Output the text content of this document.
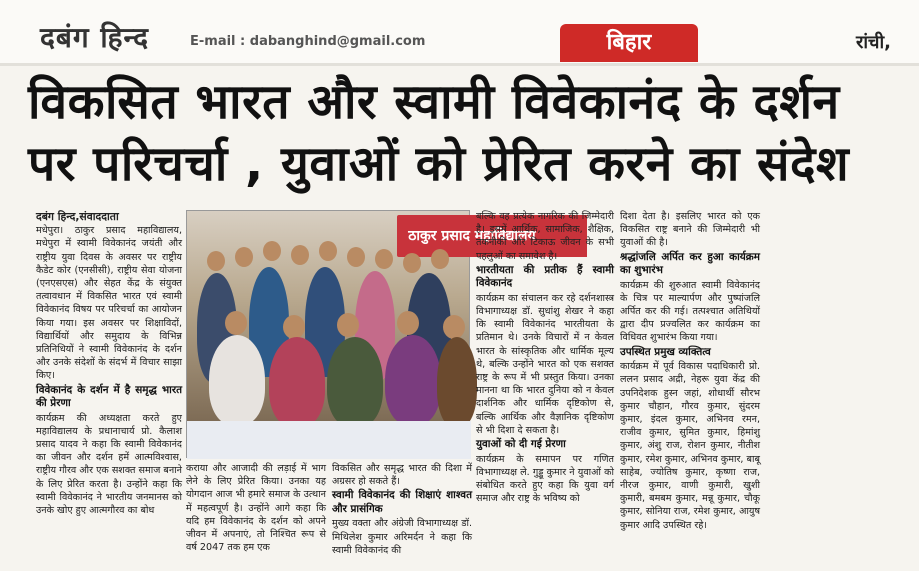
दबंग हिन्द	E-mail : dabanghind@gmail.com	बिहार	रांची,
विकसित भारत और स्वामी विवेकानंद के दर्शन
पर परिचर्चा , युवाओं को प्रेरित करने का संदेश

दबंग हिन्द,संवाददाता

मधेपुरा। ठाकुर प्रसाद महाविद्यालय, मधेपुरा में स्वामी विवेकानंद जयंती और राष्ट्रीय युवा दिवस के अवसर पर राष्ट्रीय कैडेट कोर (एनसीसी), राष्ट्रीय सेवा योजना (एनएसएस) और सेहत केंद्र के संयुक्त तत्वावधान में विकसित भारत एवं स्वामी विवेकानंद विषय पर परिचर्चा का आयोजन किया गया। इस अवसर पर शिक्षाविदों, विद्यार्थियों और समुदाय के विभिन्न प्रतिनिधियों ने स्वामी विवेकानंद के दर्शन और उनके संदेशों के संदर्भ में विचार साझा किए।

विवेकानंद के दर्शन में है समृद्ध भारत की प्रेरणा

कार्यक्रम की अध्यक्षता करते हुए महाविद्यालय के प्रधानाचार्य प्रो. कैलाश प्रसाद यादव ने कहा कि स्वामी विवेकानंद का जीवन और दर्शन हमें आत्मविश्वास, राष्ट्रीय गौरव और एक सशक्त समाज बनाने के लिए प्रेरित करता है। उन्होंने कहा कि स्वामी विवेकानंद ने भारतीय जनमानस को उनके खोए हुए आत्मगौरव का बोध

ठाकुर प्रसाद महाविद्यालय

कराया और आजादी की लड़ाई में भाग लेने के लिए प्रेरित किया। उनका यह योगदान आज भी हमारे समाज के उत्थान में महत्वपूर्ण है। उन्होंने आगे कहा कि यदि हम विवेकानंद के दर्शन को अपने जीवन में अपनाएं, तो निश्चित रूप से वर्ष 2047 तक हम एक

विकसित और समृद्ध भारत की दिशा में अग्रसर हो सकते हैं।

स्वामी विवेकानंद की शिक्षाएं शाश्वत और प्रासंगिक

मुख्य वक्ता और अंग्रेजी विभागाध्यक्ष डॉ. मिथिलेश कुमार अरिमर्दन ने कहा कि स्वामी विवेकानंद की

बल्कि वह प्रत्येक नागरिक की जिम्मेदारी है। इसमें आर्थिक, सामाजिक, शैक्षिक, तकनीकी और टिकाऊ जीवन के सभी पहलुओं का समावेश है।

भारतीयता की प्रतीक हैं स्वामी विवेकानंद

कार्यक्रम का संचालन कर रहे दर्शनशास्त्र विभागाध्यक्ष डॉ. सुधांशु शेखर ने कहा कि स्वामी विवेकानंद भारतीयता के प्रतिमान थे। उनके विचारों में न केवल भारत के सांस्कृतिक और धार्मिक मूल्य थे, बल्कि उन्होंने भारत को एक सशक्त राष्ट्र के रूप में भी प्रस्तुत किया। उनका मानना था कि भारत दुनिया को न केवल दार्शनिक और धार्मिक दृष्टिकोण से, बल्कि आर्थिक और वैज्ञानिक दृष्टिकोण से भी दिशा दे सकता है।

युवाओं को दी गई प्रेरणा

कार्यक्रम के समापन पर गणित विभागाध्यक्ष ले. गुड्डू कुमार ने युवाओं को संबोधित करते हुए कहा कि युवा वर्ग समाज और राष्ट्र के भविष्य को

दिशा देता है। इसलिए भारत को एक विकसित राष्ट्र बनाने की जिम्मेदारी भी युवाओं की है।

श्रद्धांजलि अर्पित कर हुआ कार्यक्रम का शुभारंभ

कार्यक्रम की शुरुआत स्वामी विवेकानंद के चित्र पर माल्यार्पण और पुष्पांजलि अर्पित कर की गई। तत्पश्चात अतिथियों द्वारा दीप प्रज्वलित कर कार्यक्रम का विधिवत शुभारंभ किया गया।

उपस्थित प्रमुख व्यक्तित्व

कार्यक्रम में पूर्व विकास पदाधिकारी प्रो. ललन प्रसाद अद्री, नेहरू युवा केंद्र की उपनिदेशक हुस्न जहां, शोधार्थी सौरभ कुमार चौहान, गौरव कुमार, सुंदरम कुमार, इंदल कुमार, अभिनव रमन, राजीव कुमार, सुमित कुमार, हिमांशु कुमार, अंशु राज, रोशन कुमार, नीतीश कुमार, रमेश कुमार, अभिनव कुमार, बाबू साहेब, ज्योतिष कुमार, कृष्णा राज, नीरज कुमार, वाणी कुमारी, खुशी कुमारी, बमबम कुमार, मन्नू कुमार, चौकू कुमार, सोनिया राज, रमेश कुमार, आयुष कुमार आदि उपस्थित रहे।
